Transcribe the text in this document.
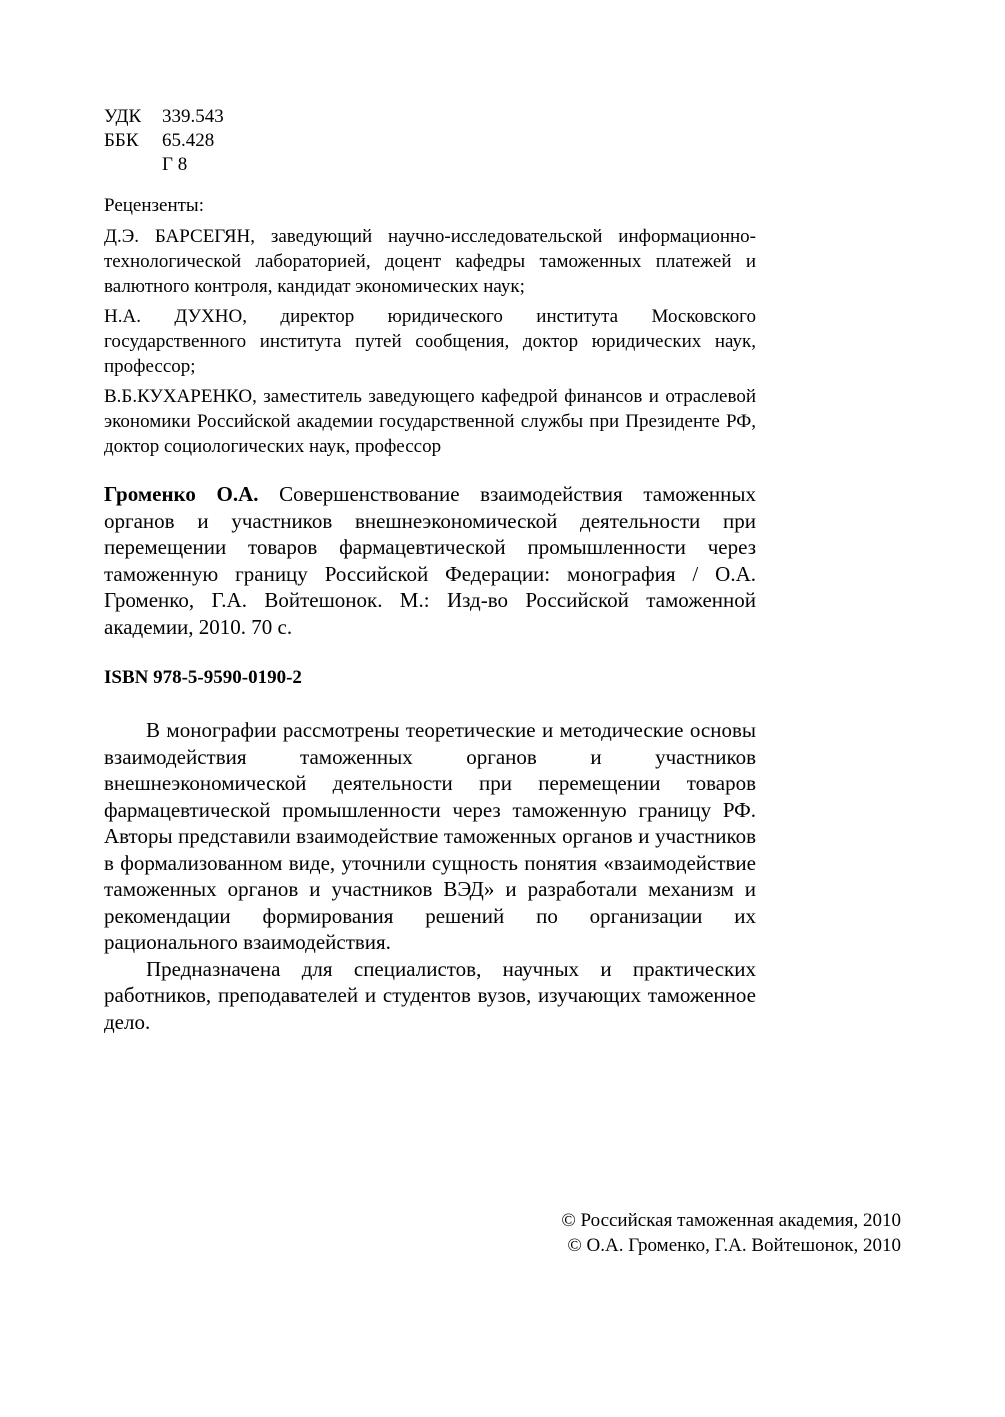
УДК	339.543
ББК	65.428
Г 8
Рецензенты:
Д.Э. БАРСЕГЯН, заведующий научно-исследовательской информационно-технологической лабораторией, доцент кафедры таможенных платежей и валютного контроля, кандидат экономических наук;
Н.А. ДУХНО, директор юридического института Московского государственного института путей сообщения, доктор юридических наук, профессор;
В.Б.КУХАРЕНКО, заместитель заведующего кафедрой финансов и отраслевой экономики Российской академии государственной службы при Президенте РФ, доктор социологических наук, профессор
Громенко О.А. Совершенствование взаимодействия таможенных органов и участников внешнеэкономической деятельности при перемещении товаров фармацевтической промышленности через таможенную границу Российской Федерации: монография / О.А. Громенко, Г.А. Войтешонок. М.: Изд-во Российской таможенной академии, 2010. 70 с.
ISBN 978-5-9590-0190-2

В монографии рассмотрены теоретические и методические основы взаимодействия таможенных органов и участников внешнеэкономической деятельности при перемещении товаров фармацевтической промышленности через таможенную границу РФ. Авторы представили взаимодействие таможенных органов и участников в формализованном виде, уточнили сущность понятия «взаимодействие таможенных органов и участников ВЭД» и разработали механизм и рекомендации формирования решений по организации их рационального взаимодействия.

Предназначена для специалистов, научных и практических работников, преподавателей и студентов вузов, изучающих таможенное дело.

© Российская таможенная академия, 2010
© О.А. Громенко, Г.А. Войтешонок, 2010
